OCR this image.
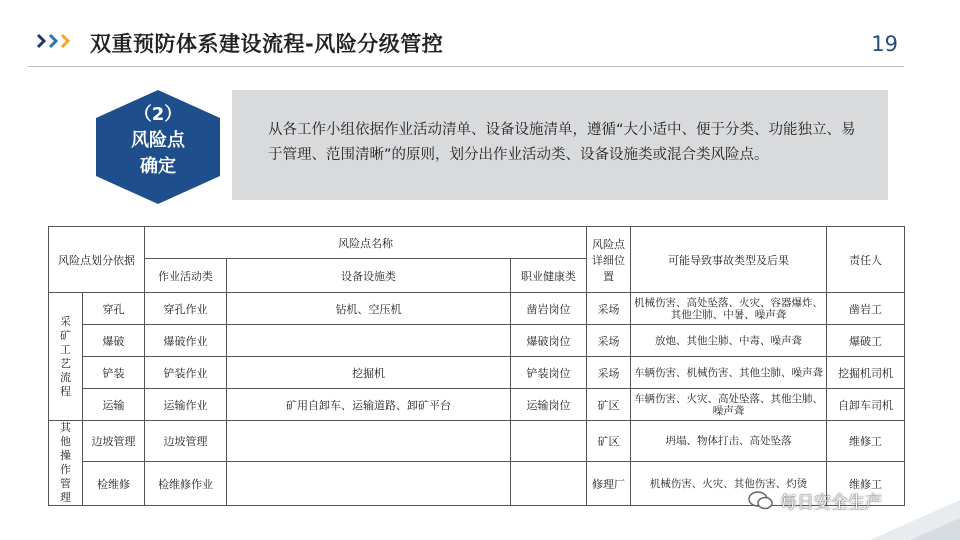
双重预防体系建设流程-风险分级管控	19
（2）
风险点
确定
从各工作小组依据作业活动清单、设备设施清单，遵循“大小适中、便于分类、功能独立、易于管理、范围清晰”的原则，划分出作业活动类、设备设施类或混合类风险点。
风险点划分依据		风险点名称			风险点详细位置	可能导致事故类型及后果	责任人
		作业活动类	设备设施类	职业健康类			
采矿工艺流程	穿孔	穿孔作业	钻机、空压机	凿岩岗位	采场	机械伤害、高处坠落、火灾、容器爆炸、其他尘肺、中暑、噪声聋	凿岩工
	爆破	爆破作业		爆破岗位	采场	放炮、其他尘肺、中毒、噪声聋	爆破工
	铲装	铲装作业	挖掘机	铲装岗位	采场	车辆伤害、机械伤害、其他尘肺、噪声聋	挖掘机司机
	运输	运输作业	矿用自卸车、运输道路、卸矿平台	运输岗位	矿区	车辆伤害、火灾、高处坠落、其他尘肺、噪声聋	自卸车司机
其他操作管理	边坡管理	边坡管理			矿区	坍塌、物体打击、高处坠落	维修工
	检维修	检维修作业			修理厂	机械伤害、火灾、其他伤害、灼烫	维修工
每日安全生产
